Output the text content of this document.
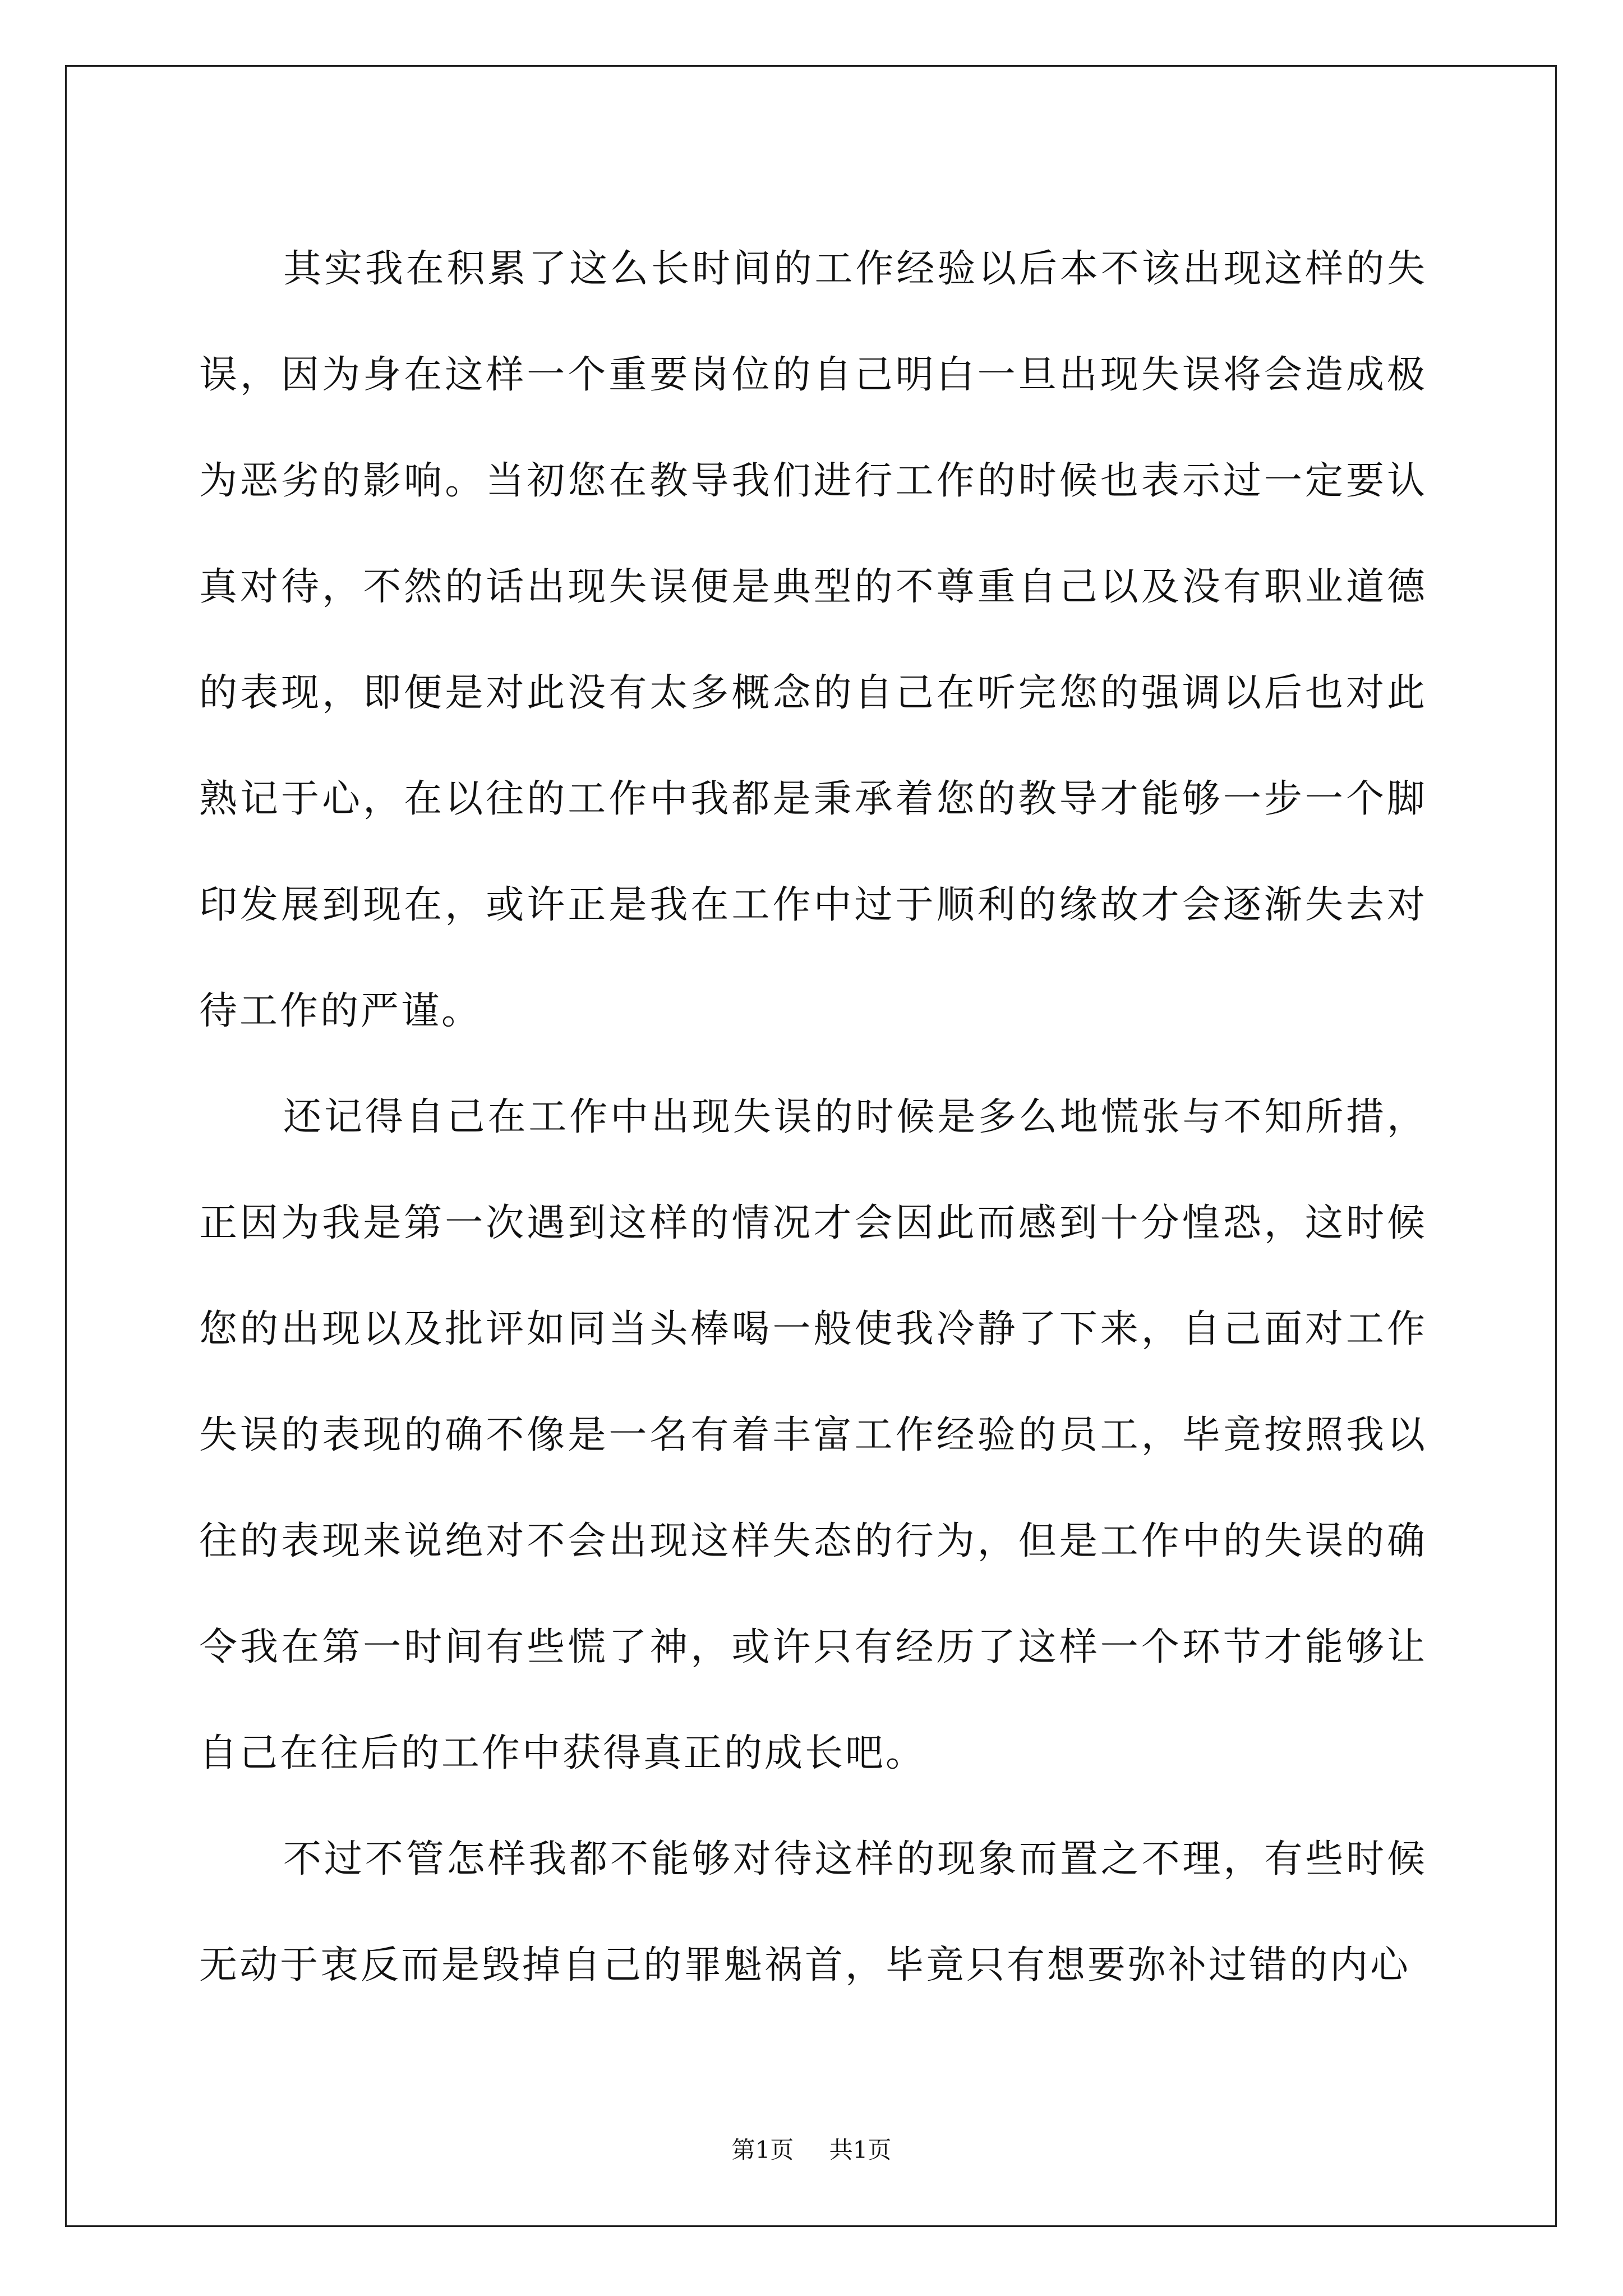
其实我在积累了这么长时间的工作经验以后本不该出现这样的失误，因为身在这样一个重要岗位的自己明白一旦出现失误将会造成极为恶劣的影响。当初您在教导我们进行工作的时候也表示过一定要认真对待，不然的话出现失误便是典型的不尊重自己以及没有职业道德的表现，即便是对此没有太多概念的自己在听完您的强调以后也对此熟记于心，在以往的工作中我都是秉承着您的教导才能够一步一个脚印发展到现在，或许正是我在工作中过于顺利的缘故才会逐渐失去对待工作的严谨。

还记得自己在工作中出现失误的时候是多么地慌张与不知所措，正因为我是第一次遇到这样的情况才会因此而感到十分惶恐，这时候您的出现以及批评如同当头棒喝一般使我冷静了下来，自己面对工作失误的表现的确不像是一名有着丰富工作经验的员工，毕竟按照我以往的表现来说绝对不会出现这样失态的行为，但是工作中的失误的确令我在第一时间有些慌了神，或许只有经历了这样一个环节才能够让自己在往后的工作中获得真正的成长吧。

不过不管怎样我都不能够对待这样的现象而置之不理，有些时候无动于衷反而是毁掉自己的罪魁祸首，毕竟只有想要弥补过错的内心

第1页 共1页
